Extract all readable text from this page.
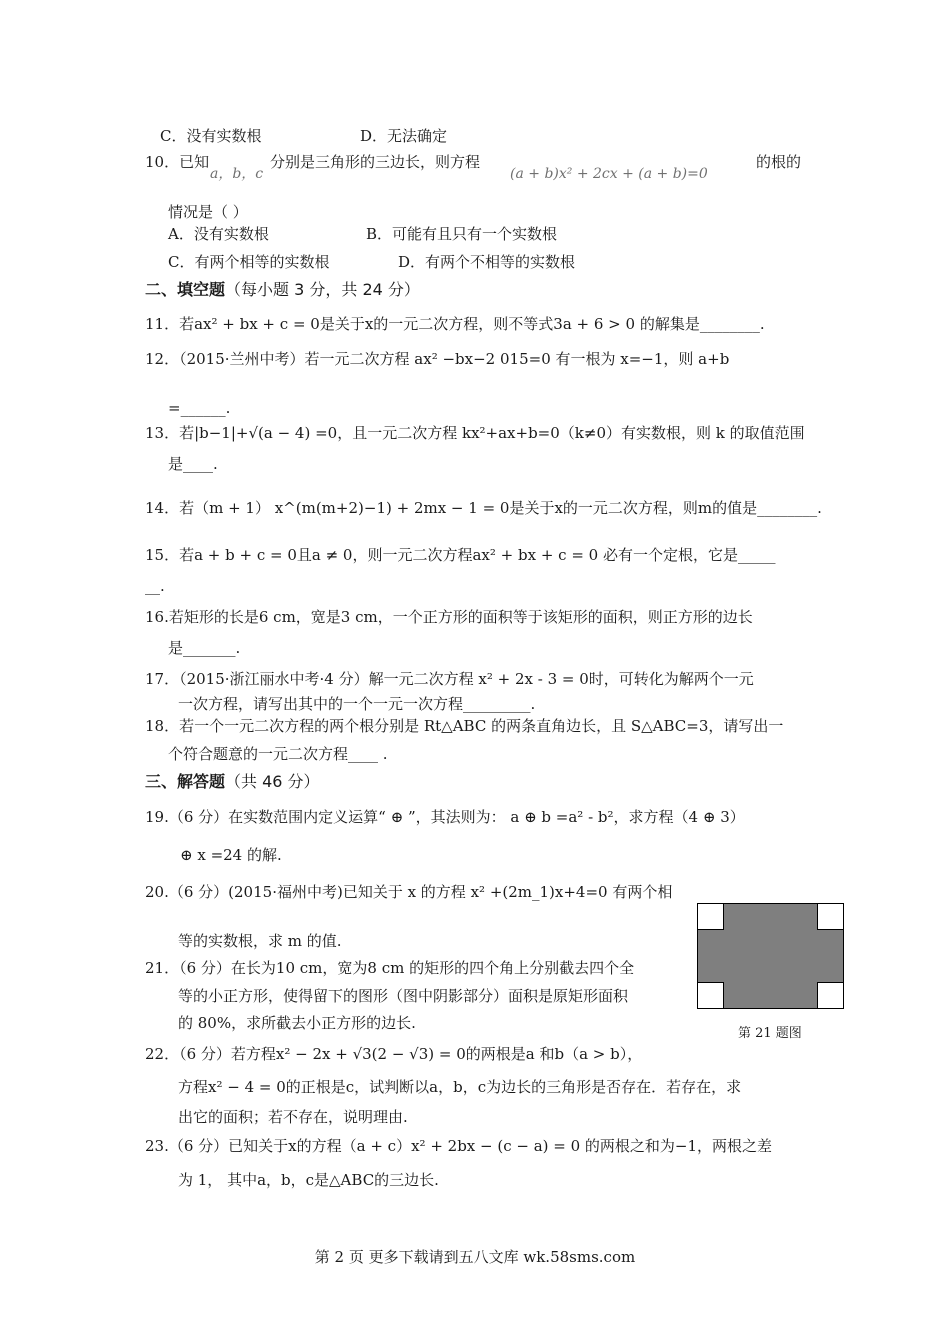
C．没有实数根	D．无法确定
10．已知
a，b，c
分别是三角形的三边长，则方程
(a + b)x² + 2cx + (a + b)=0
的根的
情况是（ ）
A．没有实数根	B．可能有且只有一个实数根
C．有两个相等的实数根	D．有两个不相等的实数根
二、填空题（每小题 3 分，共 24 分）
11．若ax² + bx + c = 0是关于x的一元二次方程，则不等式3a + 6 > 0 的解集是________.
12．（2015·兰州中考）若一元二次方程 ax² −bx−2 015=0 有一根为 x=−1，则 a+b
=______.
13．若|b−1|+√(a − 4) =0，且一元二次方程 kx²+ax+b=0（k≠0）有实数根，则 k 的取值范围
是____.
14．若（m + 1） x^(m(m+2)−1) + 2mx − 1 = 0是关于x的一元二次方程，则m的值是________.
15．若a + b + c = 0且a ≠ 0，则一元二次方程ax² + bx + c = 0 必有一个定根，它是_____
__.
16.若矩形的长是6 cm，宽是3 cm，一个正方形的面积等于该矩形的面积，则正方形的边长
是_______.
17．（2015·浙江丽水中考·4 分）解一元二次方程 x² + 2x - 3 = 0时，可转化为解两个一元
一次方程，请写出其中的一个一元一次方程_________.
18．若一个一元二次方程的两个根分别是 Rt△ABC 的两条直角边长，且 S△ABC=3，请写出一
个符合题意的一元二次方程____ .
三、解答题（共 46 分）
19.（6 分）在实数范围内定义运算“ ⊕ ”，其法则为： a ⊕ b =a² - b²，求方程（4 ⊕ 3）
⊕ x =24 的解.
20.（6 分）(2015·福州中考)已知关于 x 的方程 x² +(2m_1)x+4=0 有两个相
等的实数根，求 m 的值.
21．（6 分）在长为10 cm，宽为8 cm 的矩形的四个角上分别截去四个全
等的小正方形，使得留下的图形（图中阴影部分）面积是原矩形面积
的 80%，求所截去小正方形的边长.
第 21 题图
22．（6 分）若方程x² − 2x + √3(2 − √3) = 0的两根是a 和b（a > b），
方程x² − 4 = 0的正根是c，试判断以a，b，c为边长的三角形是否存在．若存在，求
出它的面积；若不存在，说明理由.
23.（6 分）已知关于x的方程（a + c）x² + 2bx − (c − a) = 0 的两根之和为−1，两根之差
为 1， 其中a，b，c是△ABC的三边长.
第 2 页 更多下载请到五八文库 wk.58sms.com
